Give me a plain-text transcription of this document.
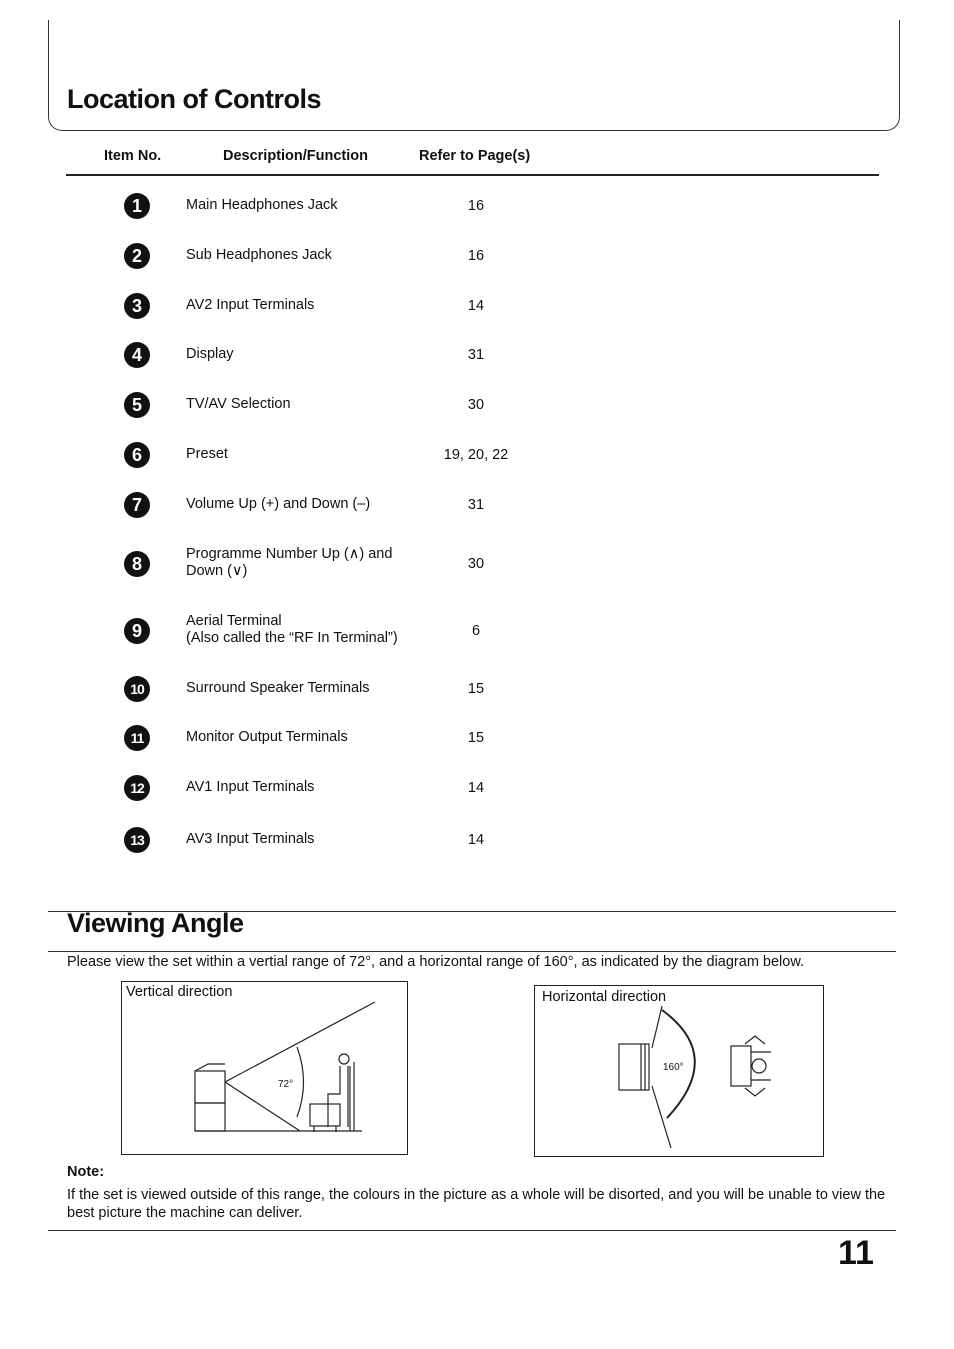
Location of Controls
Item No.	Description/Function	Refer to Page(s)
1	Main Headphones Jack	16
2	Sub Headphones Jack	16
3	AV2 Input Terminals	14
4	Display	31
5	TV/AV Selection	30
6	Preset	19, 20, 22
7	Volume Up (+) and Down (–)	31
8	Programme Number Up (∧) and
Down (∨)	30
9	Aerial Terminal
(Also called the “RF In Terminal”)	6
10	Surround Speaker Terminals	15
11	Monitor Output Terminals	15
12	AV1 Input Terminals	14
13	AV3 Input Terminals	14
Viewing Angle
Please view the set within a vertial range of 72°, and a horizontal range of 160°, as indicated by the diagram below.
Vertical direction
72°
Horizontal direction
160°
Note:
If the set is viewed outside of this range, the colours in the picture as a whole will be disorted, and you will be unable to view the best picture the machine can deliver.
11
